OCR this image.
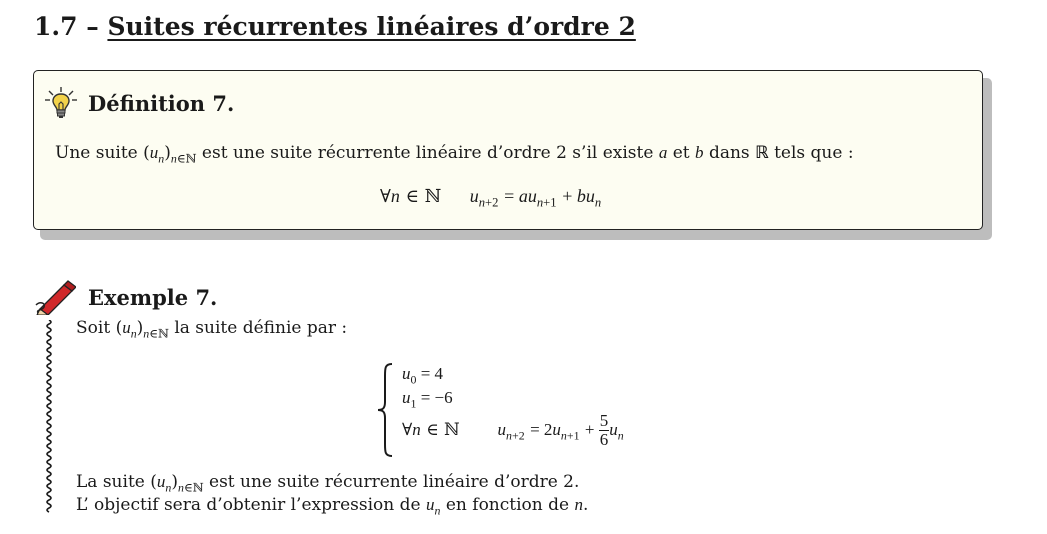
1.7 – Suites récurrentes linéaires d’ordre 2
Définition 7.
Une suite $(u_n)_{n\in ℕ}$ est une suite récurrente linéaire d’ordre 2 s’il existe a et b dans ℝ tels que :
∀n ∈ ℕ $u_{n+2} = au_{n+1} + bu_n$
Exemple 7.
Soit $(u_n)_{n\in ℕ}$ la suite définie par :
$u_0 = 4$
$u_1 = -6$
∀n ∈ ℕ $u_{n+2} = 2u_{n+1} + \frac{5}{6} u_n$
La suite $(u_n)_{n\in ℕ}$ est une suite récurrente linéaire d’ordre 2.
L’ objectif sera d’obtenir l’expression de $u_n$ en fonction de n.
